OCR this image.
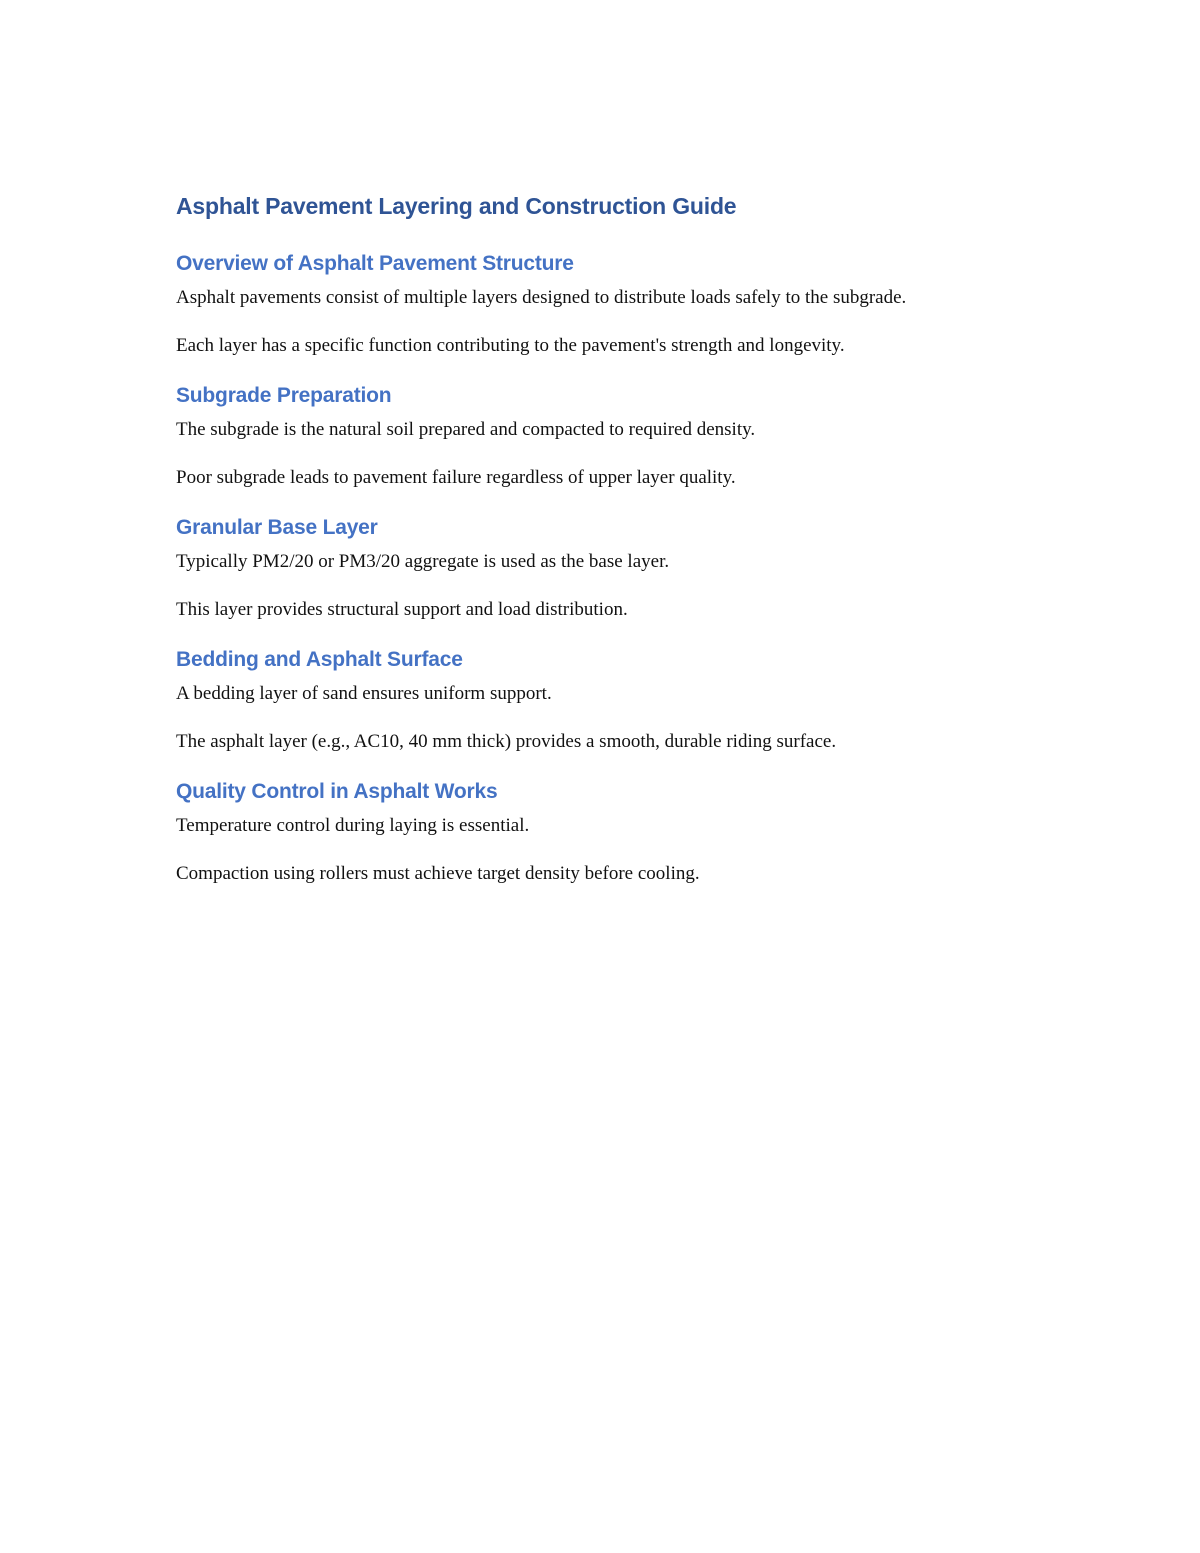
Asphalt Pavement Layering and Construction Guide
Overview of Asphalt Pavement Structure

Asphalt pavements consist of multiple layers designed to distribute loads safely to the subgrade.

Each layer has a specific function contributing to the pavement's strength and longevity.

Subgrade Preparation

The subgrade is the natural soil prepared and compacted to required density.

Poor subgrade leads to pavement failure regardless of upper layer quality.

Granular Base Layer

Typically PM2/20 or PM3/20 aggregate is used as the base layer.

This layer provides structural support and load distribution.

Bedding and Asphalt Surface

A bedding layer of sand ensures uniform support.

The asphalt layer (e.g., AC10, 40 mm thick) provides a smooth, durable riding surface.

Quality Control in Asphalt Works

Temperature control during laying is essential.

Compaction using rollers must achieve target density before cooling.
